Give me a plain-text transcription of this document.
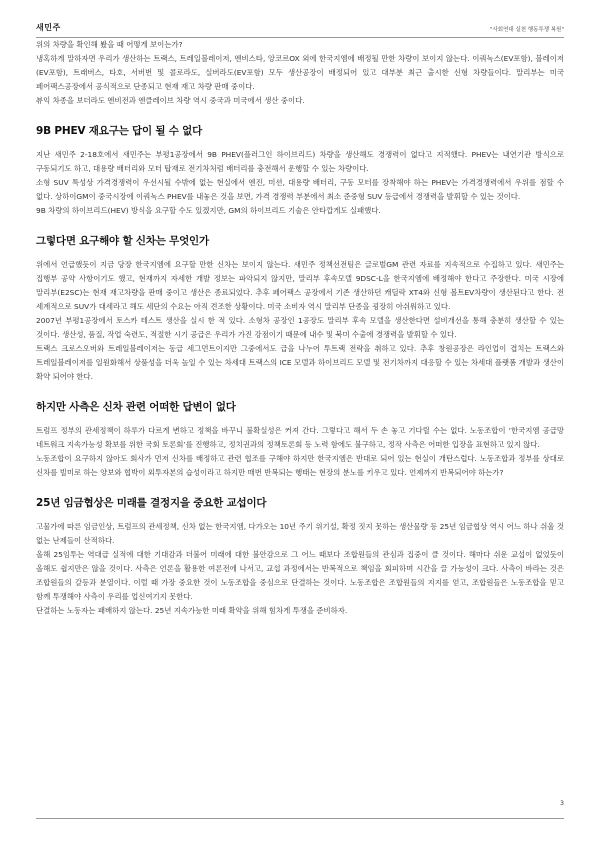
새민주	"사회연대 실천 행동투쟁 복원"

위의 차량을 확인해 봤을 때 어떻게 보이는가?

냉혹하게 말하자면 우리가 생산하는 트랙스, 트레일블레이저, 엔비스타, 앙코르OX 외에 한국지엠에 배정될 만한 차량이 보이지 않는다. 이쿼녹스(EV포함), 블레이저(EV포함), 트래버스, 타호, 서버번 및 콜로라도, 실버라도(EV포함) 모두 생산공장이 배정되어 있고 대부분 최근 출시한 신형 차량들이다. 말리부는 미국 페어팩스공장에서 공식적으로 단종되고 현재 재고 차량 판매 중이다.

뷰익 차종을 보더라도 엔비전과 엔클레이브 차량 역시 중국과 미국에서 생산 중이다.

9B PHEV 재요구는 답이 될 수 없다

지난 새민주 2-18호에서 새민주는 부평1공장에서 9B PHEV(플러그인 하이브리드) 차량을 생산해도 경쟁력이 없다고 지적했다. PHEV는 내연기관 방식으로 구동되기도 하고, 대용량 배터리와 모터 탑재로 전기차처럼 배터리를 충전해서 운행할 수 있는 차량이다.

소형 SUV 특성상 가격경쟁력이 우선시될 수밖에 없는 현실에서 엔진, 미션, 대용량 배터리, 구동 모터를 장착해야 하는 PHEV는 가격경쟁력에서 우위를 점할 수 없다. 상하이GM이 중국시장에 이쿼녹스 PHEV를 내놓은 것을 보면, 가격 경쟁력 부분에서 최소 준중형 SUV 등급에서 경쟁력을 발휘할 수 있는 것이다.

9B 차량의 하이브리드(HEV) 방식을 요구할 수도 있겠지만, GM의 하이브리드 기술은 안타깝게도 실패했다.

그렇다면 요구해야 할 신차는 무엇인가

위에서 언급했듯이 지금 당장 한국지엠에 요구할 만한 신차는 보이지 않는다. 새민주 정책선전팀은 글로벌GM 관련 자료를 지속적으로 수집하고 있다. 새민주는 집행부 공약 사항이기도 했고, 현재까지 자세한 개발 정보는 파악되지 않지만, 말리부 후속모델 9DSC-L을 한국지엠에 배정해야 한다고 주장한다. 미국 시장에 말리부(E2SC)는 현재 재고차량을 판매 중이고 생산은 종료되었다. 추후 페어팩스 공장에서 기존 생산하던 캐딜락 XT4와 신형 볼트EV차량이 생산된다고 한다. 전 세계적으로 SUV가 대세라고 해도 세단의 수요는 아직 견조한 상황이다. 미국 소비자 역시 말리부 단종을 굉장히 아쉬워하고 있다.

2007년 부평1공장에서 토스카 테스트 생산을 실시 한 적 있다. 소형차 공장인 1공장도 말리부 후속 모델을 생산한다면 설비개선을 통해 충분히 생산할 수 있는 것이다. 생산성, 품질, 작업 숙련도, 적절한 시기 공급은 우리가 가진 강점이기 때문에 내수 및 북미 수출에 경쟁력을 발휘할 수 있다.

트랙스 크로스오버와 트레일블레이저는 동급 세그먼트이지만 그중에서도 급을 나누어 투트랙 전략을 취하고 있다. 추후 창원공장은 라인업이 겹치는 트랙스와 트레일블레이저를 일원화해서 상품성을 더욱 높일 수 있는 차세대 트랙스의 ICE 모델과 하이브리드 모델 및 전기차까지 대응할 수 있는 차세대 플랫폼 개발과 생산이 확약 되어야 한다.

하지만 사측은 신차 관련 어떠한 답변이 없다

트럼프 정부의 관세정책이 하루가 다르게 변하고 정책을 바꾸니 불확실성은 커져 간다. 그렇다고 해서 두 손 놓고 기다릴 수는 없다. 노동조합이 ‘한국지엠 공급망 네트워크 지속가능성 확보를 위한 국회 토론회’를 진행하고, 정치권과의 정책토론회 등 노력 함에도 불구하고, 정작 사측은 어떠한 입장을 표현하고 있지 않다.

노동조합이 요구하지 않아도 회사가 먼저 신차를 배정하고 관련 협조를 구해야 하지만 한국지엠은 반대로 되어 있는 현실이 개탄스럽다. 노동조합과 정부를 상대로 신차를 빌미로 하는 양보와 협박이 외투자본의 습성이라고 하지만 매번 반복되는 행태는 현장의 분노를 키우고 있다. 언제까지 반복되어야 하는가?

25년 임금협상은 미래를 결정지을 중요한 교섭이다

고물가에 따른 임금인상, 트럼프의 관세정책, 신차 없는 한국지엠, 다가오는 10년 주기 위기설, 확정 짓지 못하는 생산물량 등 25년 임금협상 역시 어느 하나 쉬울 것 없는 난제들이 산적하다.

올해 25임투는 역대급 실적에 대한 기대감과 더불어 미래에 대한 불안감으로 그 어느 때보다 조합원들의 관심과 집중이 클 것이다. 해마다 쉬운 교섭이 없었듯이 올해도 쉽지만은 않을 것이다. 사측은 언론을 활용한 여론전에 나서고, 교섭 과정에서는 반복적으로 책임을 회피하며 시간을 끌 가능성이 크다. 사측이 바라는 것은 조합원들의 갈등과 분열이다. 이럴 때 가장 중요한 것이 노동조합을 중심으로 단결하는 것이다. 노동조합은 조합원들의 지지를 얻고, 조합원들은 노동조합을 믿고 함께 투쟁해야 사측이 우리를 업신여기지 못한다.

단결하는 노동자는 패배하지 않는다. 25년 지속가능한 미래 확약을 위해 힘차게 투쟁을 준비하자.

3
